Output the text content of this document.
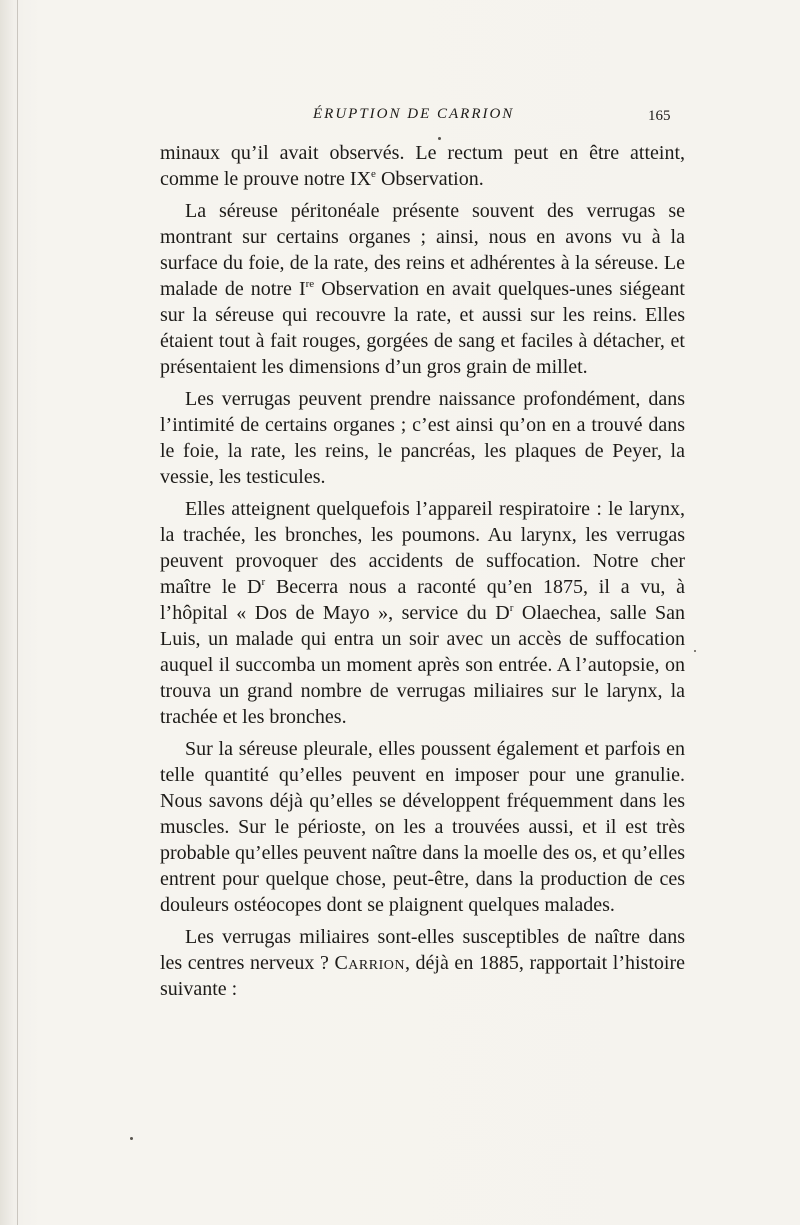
ÉRUPTION DE CARRION	165

minaux qu’il avait observés. Le rectum peut en être atteint, comme le prouve notre IXe Observation.

La séreuse péritonéale présente souvent des verrugas se montrant sur certains organes ; ainsi, nous en avons vu à la surface du foie, de la rate, des reins et adhérentes à la séreuse. Le malade de notre Ire Observation en avait quelques-unes siégeant sur la séreuse qui recouvre la rate, et aussi sur les reins. Elles étaient tout à fait rouges, gorgées de sang et faciles à détacher, et présentaient les dimensions d’un gros grain de millet.

Les verrugas peuvent prendre naissance profondément, dans l’intimité de certains organes ; c’est ainsi qu’on en a trouvé dans le foie, la rate, les reins, le pancréas, les plaques de Peyer, la vessie, les testicules.

Elles atteignent quelquefois l’appareil respiratoire : le larynx, la trachée, les bronches, les poumons. Au larynx, les verrugas peuvent provoquer des accidents de suffocation. Notre cher maître le $D^r$ Becerra nous a raconté qu’en 1875, il a vu, à l’hôpital « Dos de Mayo », service du $D^r$ Olaechea, salle San Luis, un malade qui entra un soir avec un accès de suffocation auquel il succomba un moment après son entrée. A l’autopsie, on trouva un grand nombre de verrugas miliaires sur le larynx, la trachée et les bronches.

Sur la séreuse pleurale, elles poussent également et parfois en telle quantité qu’elles peuvent en imposer pour une granulie. Nous savons déjà qu’elles se développent fréquemment dans les muscles. Sur le périoste, on les a trouvées aussi, et il est très probable qu’elles peuvent naître dans la moelle des os, et qu’elles entrent pour quelque chose, peut-être, dans la production de ces douleurs ostéocopes dont se plaignent quelques malades.

Les verrugas miliaires sont-elles susceptibles de naître dans les centres nerveux ? Carrion, déjà en 1885, rapportait l’histoire suivante :
